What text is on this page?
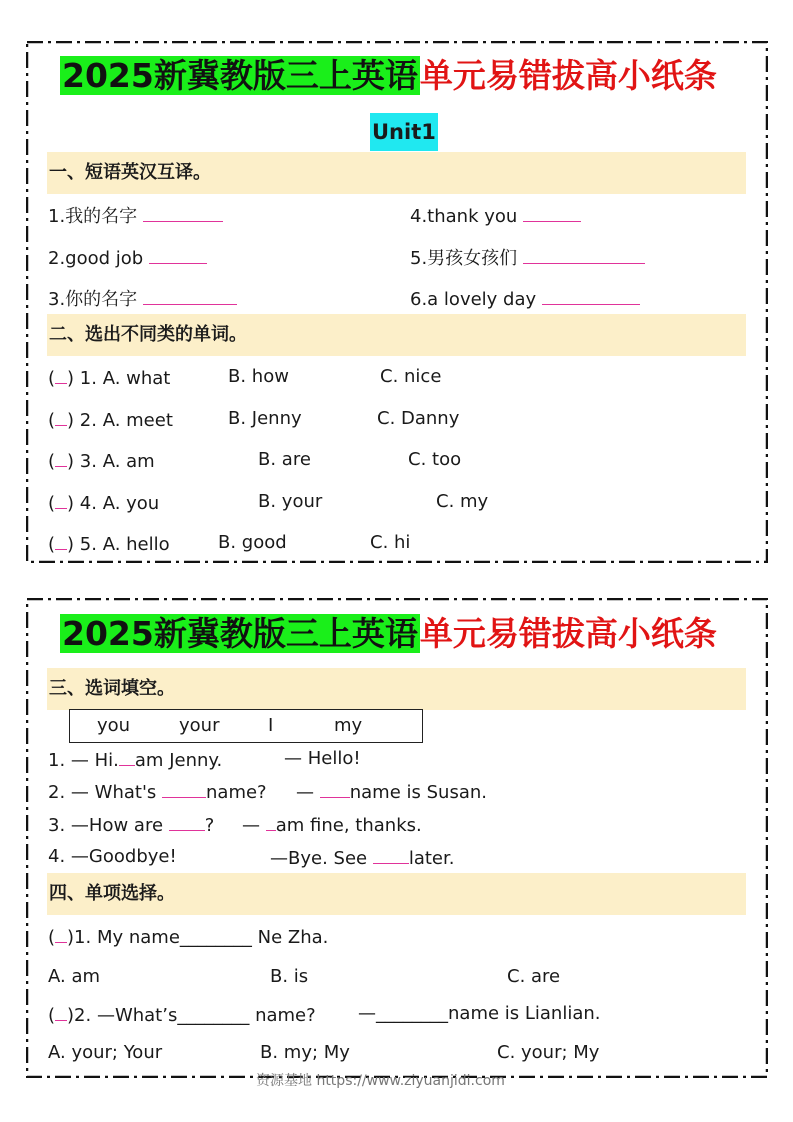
2025新冀教版三上英语单元易错拔高小纸条
Unit1
一、短语英汉互译。
1.我的名字	4.thank you
2.good job	5.男孩女孩们
3.你的名字	6.a lovely day
二、选出不同类的单词。
( ) 1. A. what	B. how	C. nice
( ) 2. A. meet	B. Jenny	C. Danny
( ) 3. A. am	B. are	C. too
( ) 4. A. you	B. your	C. my
( ) 5. A. hello	B. good	C. hi
2025新冀教版三上英语单元易错拔高小纸条
三、选词填空。
you	your	I	my
1. — Hi. am Jenny.	— Hello!
2. — What's	name? — name is Susan.
3. —How are ? — am fine, thanks.
4. —Goodbye!	—Bye. See later.
四、单项选择。
( )1. My name________ Ne Zha.
A. am	B. is	C. are
( )2. —What’s________ name? —________name is Lianlian.
A. your; Your	B. my; My	C. your; My
资源基地 https://www.ziyuanjidi.com
